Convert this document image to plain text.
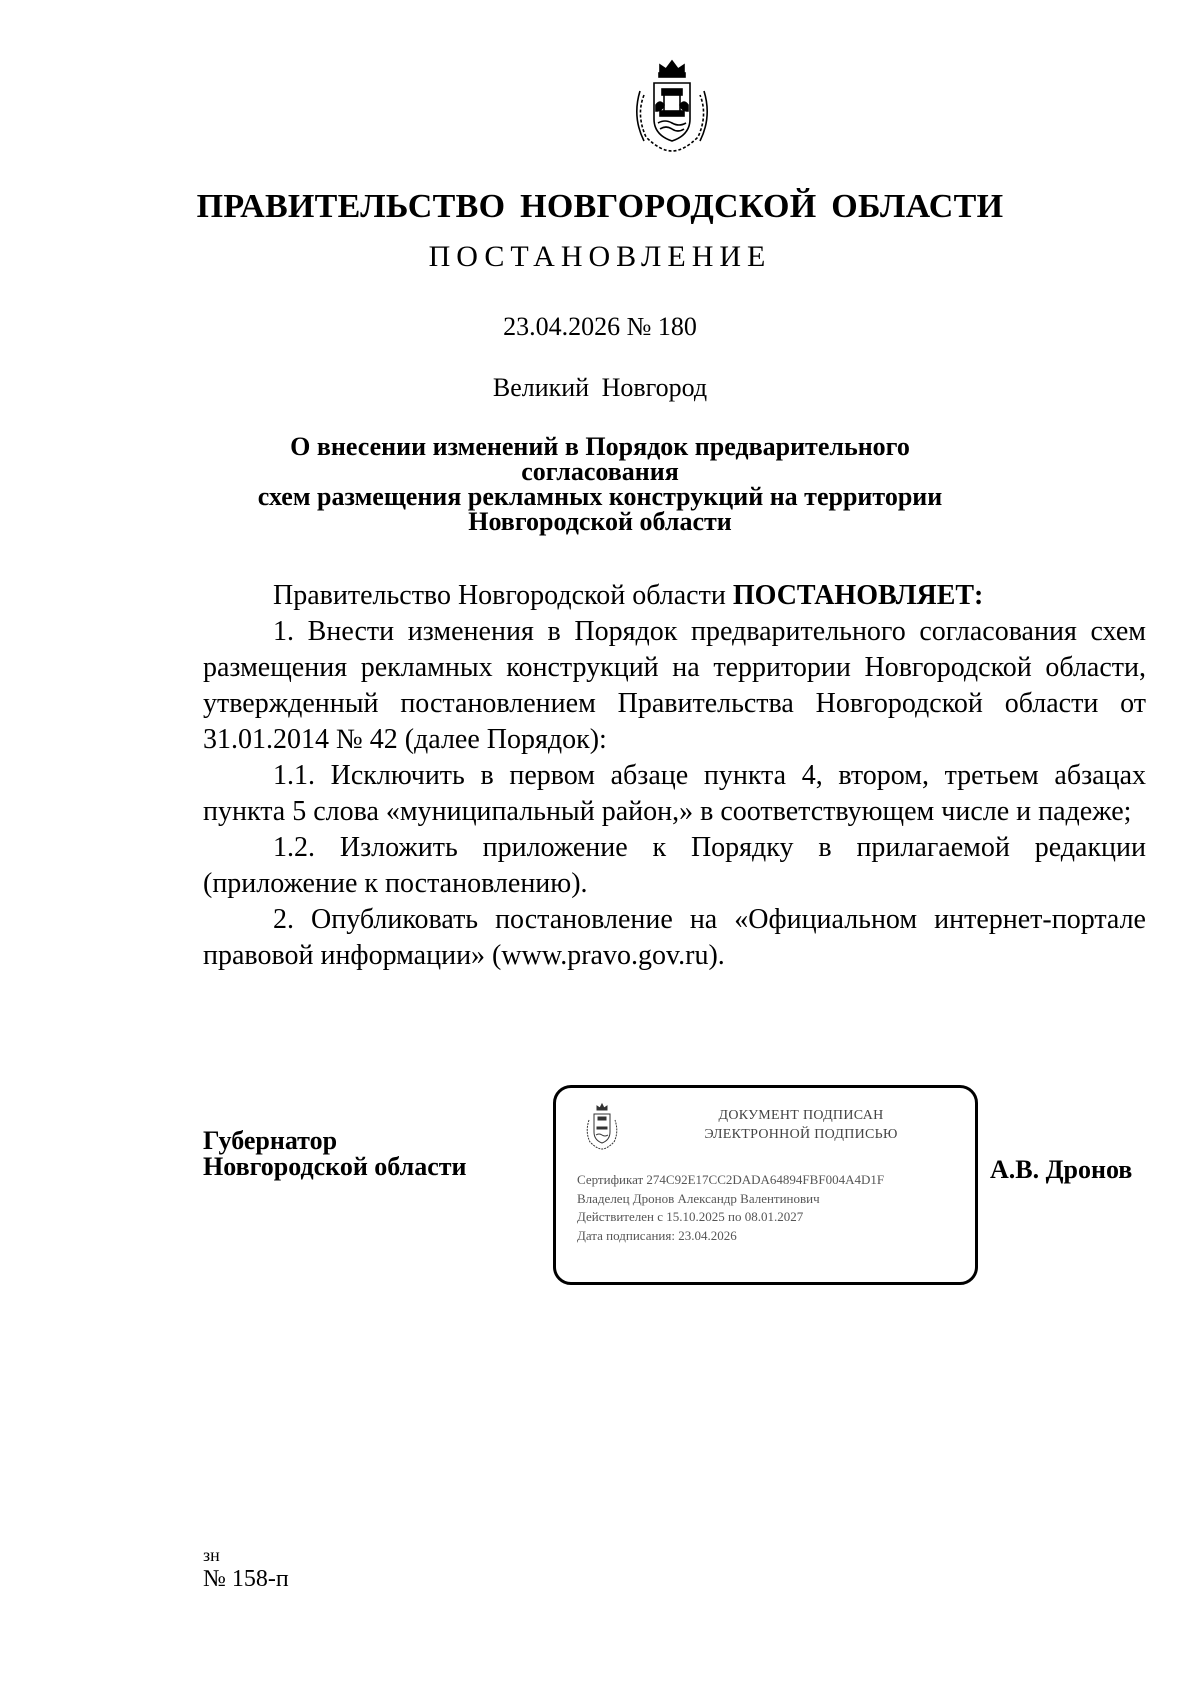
ПРАВИТЕЛЬСТВО НОВГОРОДСКОЙ ОБЛАСТИ
ПОСТАНОВЛЕНИЕ
23.04.2026 № 180
Великий Новгород
О внесении изменений в Порядок предварительного согласования
схем размещения рекламных конструкций на территории
Новгородской области

Правительство Новгородской области ПОСТАНОВЛЯЕТ:

1. Внести изменения в Порядок предварительного согласования схем размещения рекламных конструкций на территории Новгородской области, утвержденный постановлением Правительства Новгородской области от 31.01.2014 № 42 (далее Порядок):

1.1. Исключить в первом абзаце пункта 4, втором, третьем абзацах пункта 5 слова «муниципальный район,» в соответствующем числе и падеже;

1.2. Изложить приложение к Порядку в прилагаемой редакции (приложение к постановлению).

2. Опубликовать постановление на «Официальном интернет-портале правовой информации» (www.pravo.gov.ru).

Губернатор
Новгородской области
ДОКУМЕНТ ПОДПИСАН
ЭЛЕКТРОННОЙ ПОДПИСЬЮ
Сертификат 274C92E17CC2DADA64894FBF004A4D1F
Владелец Дронов Александр Валентинович
Действителен с 15.10.2025 по 08.01.2027
Дата подписания: 23.04.2026
А.В. Дронов
зн
№ 158-п
